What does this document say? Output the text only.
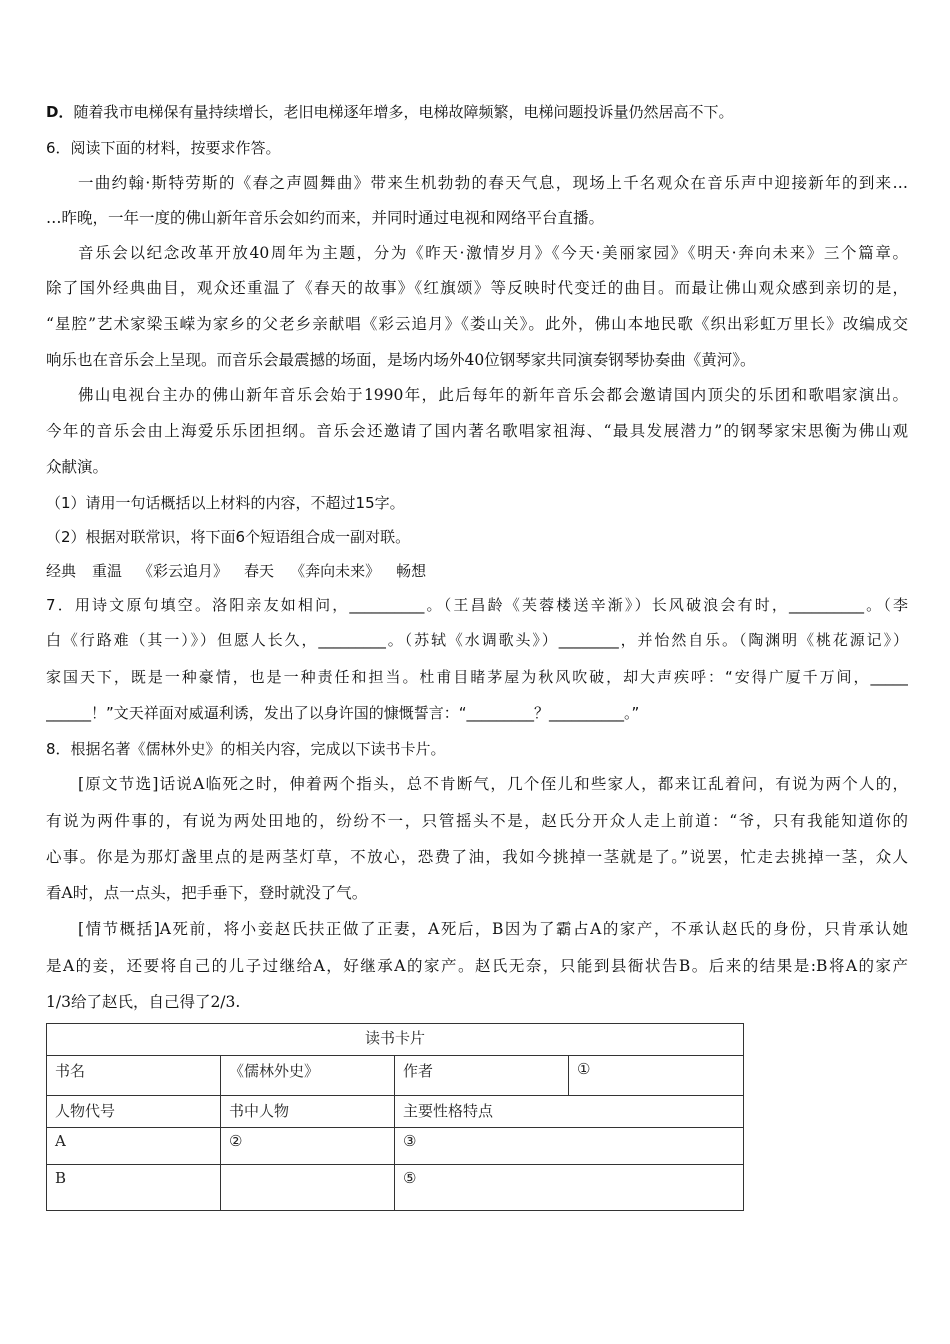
D．随着我市电梯保有量持续增长，老旧电梯逐年增多，电梯故障频繁，电梯问题投诉量仍然居高不下。
6．阅读下面的材料，按要求作答。
一曲约翰·斯特劳斯的《春之声圆舞曲》带来生机勃勃的春天气息，现场上千名观众在音乐声中迎接新年的到来…
…昨晚，一年一度的佛山新年音乐会如约而来，并同时通过电视和网络平台直播。
音乐会以纪念改革开放40周年为主题，分为《昨天·激情岁月》《今天·美丽家园》《明天·奔向未来》三个篇章。
除了国外经典曲目，观众还重温了《春天的故事》《红旗颂》等反映时代变迁的曲目。而最让佛山观众感到亲切的是，
“星腔”艺术家梁玉嵘为家乡的父老乡亲献唱《彩云追月》《娄山关》。此外，佛山本地民歌《织出彩虹万里长》改编成交
响乐也在音乐会上呈现。而音乐会最震撼的场面，是场内场外40位钢琴家共同演奏钢琴协奏曲《黄河》。
佛山电视台主办的佛山新年音乐会始于1990年，此后每年的新年音乐会都会邀请国内顶尖的乐团和歌唱家演出。
今年的音乐会由上海爱乐乐团担纲。音乐会还邀请了国内著名歌唱家祖海、“最具发展潜力”的钢琴家宋思衡为佛山观
众献演。
（1）请用一句话概括以上材料的内容，不超过15字。
（2）根据对联常识，将下面6个短语组合成一副对联。
经典 重温 《彩云追月》 春天 《奔向未来》 畅想
7．用诗文原句填空。洛阳亲友如相问，__________。（王昌龄《芙蓉楼送辛渐》）长风破浪会有时，__________。（李
白《行路难（其一）》）但愿人长久，_________。（苏轼《水调歌头》）________，并怡然自乐。（陶渊明《桃花源记》）
家国天下，既是一种豪情，也是一种责任和担当。杜甫目睹茅屋为秋风吹破，却大声疾呼：“安得广厦千万间，_____
______！”文天祥面对威逼利诱，发出了以身许国的慷慨誓言：“_________？__________。”
8．根据名著《儒林外史》的相关内容，完成以下读书卡片。
[原文节选]话说A临死之时，伸着两个指头，总不肯断气，几个侄儿和些家人，都来讧乱着问，有说为两个人的，
有说为两件事的，有说为两处田地的，纷纷不一，只管摇头不是，赵氏分开众人走上前道：“爷，只有我能知道你的
心事。你是为那灯盏里点的是两茎灯草，不放心，恐费了油，我如今挑掉一茎就是了。”说罢，忙走去挑掉一茎，众人
看A时，点一点头，把手垂下，登时就没了气。
[情节概括]A死前，将小妾赵氏扶正做了正妻，A死后，B因为了霸占A的家产，不承认赵氏的身份，只肯承认她
是A的妾，还要将自己的儿子过继给A，好继承A的家产。赵氏无奈，只能到县衙状告B。后来的结果是:B将A的家产
1/3给了赵氏，自己得了2/3.
读书卡片			
书名	《儒林外史》	作者	①
人物代号	书中人物	主要性格特点	
A	②	③	
B		⑤	
